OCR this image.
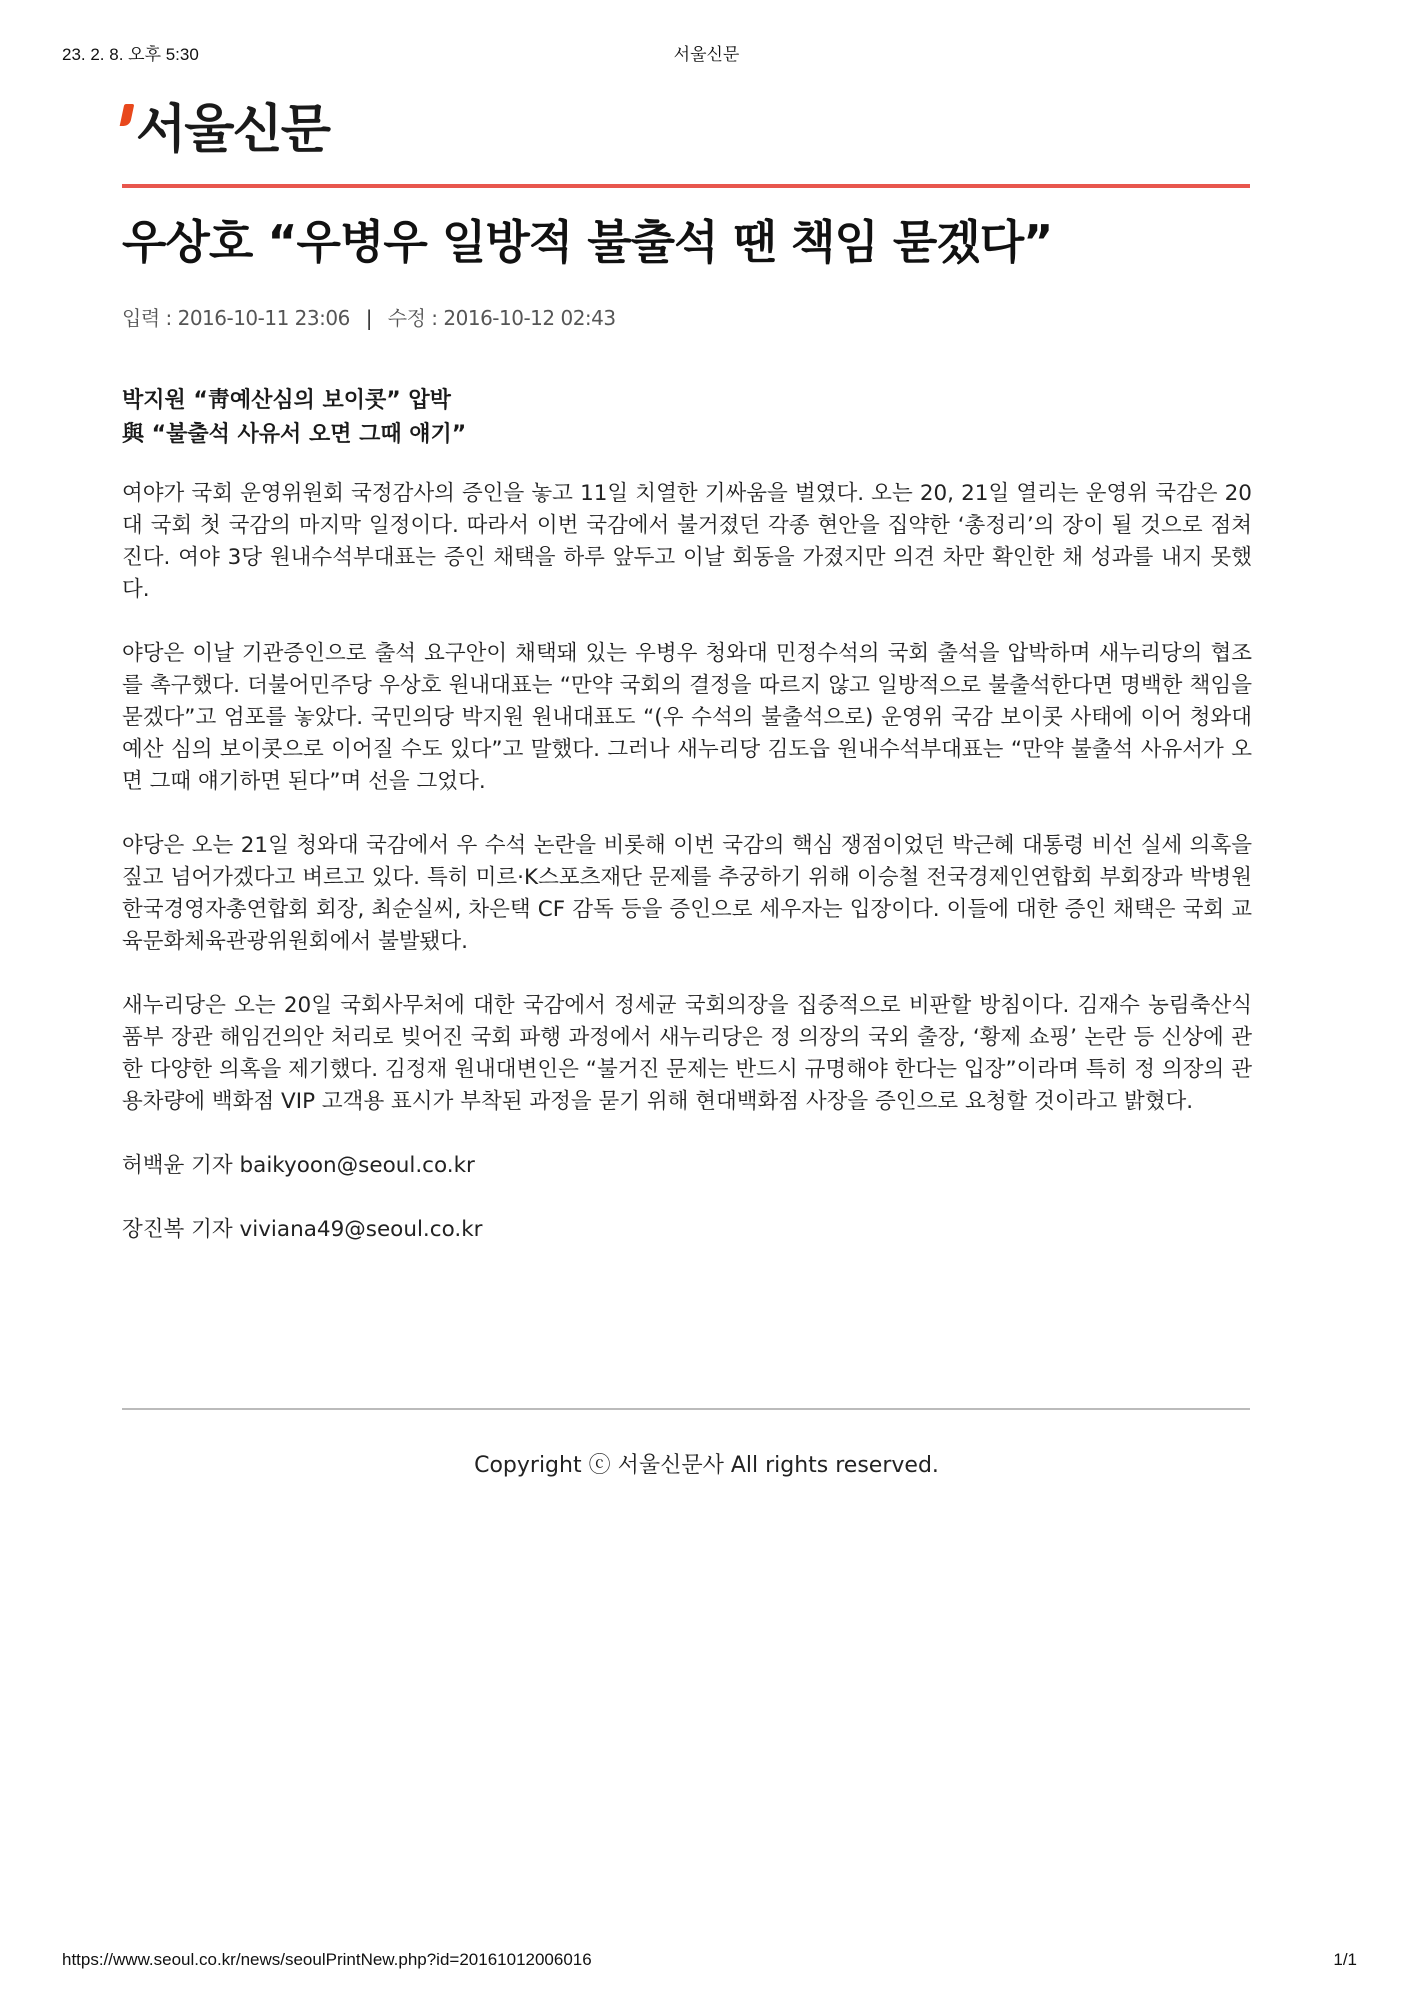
23. 2. 8. 오후 5:30	서울신문
서울신문
우상호 “우병우 일방적 불출석 땐 책임 묻겠다”
입력 : 2016-10-11 23:06 | 수정 : 2016-10-12 02:43
박지원 “靑예산심의 보이콧” 압박
與 “불출석 사유서 오면 그때 얘기”

여야가 국회 운영위원회 국정감사의 증인을 놓고 11일 치열한 기싸움을 벌였다. 오는 20, 21일 열리는 운영위 국감은 20대 국회 첫 국감의 마지막 일정이다. 따라서 이번 국감에서 불거졌던 각종 현안을 집약한 ‘총정리’의 장이 될 것으로 점쳐진다. 여야 3당 원내수석부대표는 증인 채택을 하루 앞두고 이날 회동을 가졌지만 의견 차만 확인한 채 성과를 내지 못했다.

야당은 이날 기관증인으로 출석 요구안이 채택돼 있는 우병우 청와대 민정수석의 국회 출석을 압박하며 새누리당의 협조를 촉구했다. 더불어민주당 우상호 원내대표는 “만약 국회의 결정을 따르지 않고 일방적으로 불출석한다면 명백한 책임을 묻겠다”고 엄포를 놓았다. 국민의당 박지원 원내대표도 “(우 수석의 불출석으로) 운영위 국감 보이콧 사태에 이어 청와대 예산 심의 보이콧으로 이어질 수도 있다”고 말했다. 그러나 새누리당 김도읍 원내수석부대표는 “만약 불출석 사유서가 오면 그때 얘기하면 된다”며 선을 그었다.

야당은 오는 21일 청와대 국감에서 우 수석 논란을 비롯해 이번 국감의 핵심 쟁점이었던 박근혜 대통령 비선 실세 의혹을 짚고 넘어가겠다고 벼르고 있다. 특히 미르·K스포츠재단 문제를 추궁하기 위해 이승철 전국경제인연합회 부회장과 박병원 한국경영자총연합회 회장, 최순실씨, 차은택 CF 감독 등을 증인으로 세우자는 입장이다. 이들에 대한 증인 채택은 국회 교육문화체육관광위원회에서 불발됐다.

새누리당은 오는 20일 국회사무처에 대한 국감에서 정세균 국회의장을 집중적으로 비판할 방침이다. 김재수 농림축산식품부 장관 해임건의안 처리로 빚어진 국회 파행 과정에서 새누리당은 정 의장의 국외 출장, ‘황제 쇼핑’ 논란 등 신상에 관한 다양한 의혹을 제기했다. 김정재 원내대변인은 “불거진 문제는 반드시 규명해야 한다는 입장”이라며 특히 정 의장의 관용차량에 백화점 VIP 고객용 표시가 부착된 과정을 묻기 위해 현대백화점 사장을 증인으로 요청할 것이라고 밝혔다.

허백윤 기자 baikyoon@seoul.co.kr

장진복 기자 viviana49@seoul.co.kr

Copyright ⓒ 서울신문사 All rights reserved.
https://www.seoul.co.kr/news/seoulPrintNew.php?id=20161012006016	1/1
